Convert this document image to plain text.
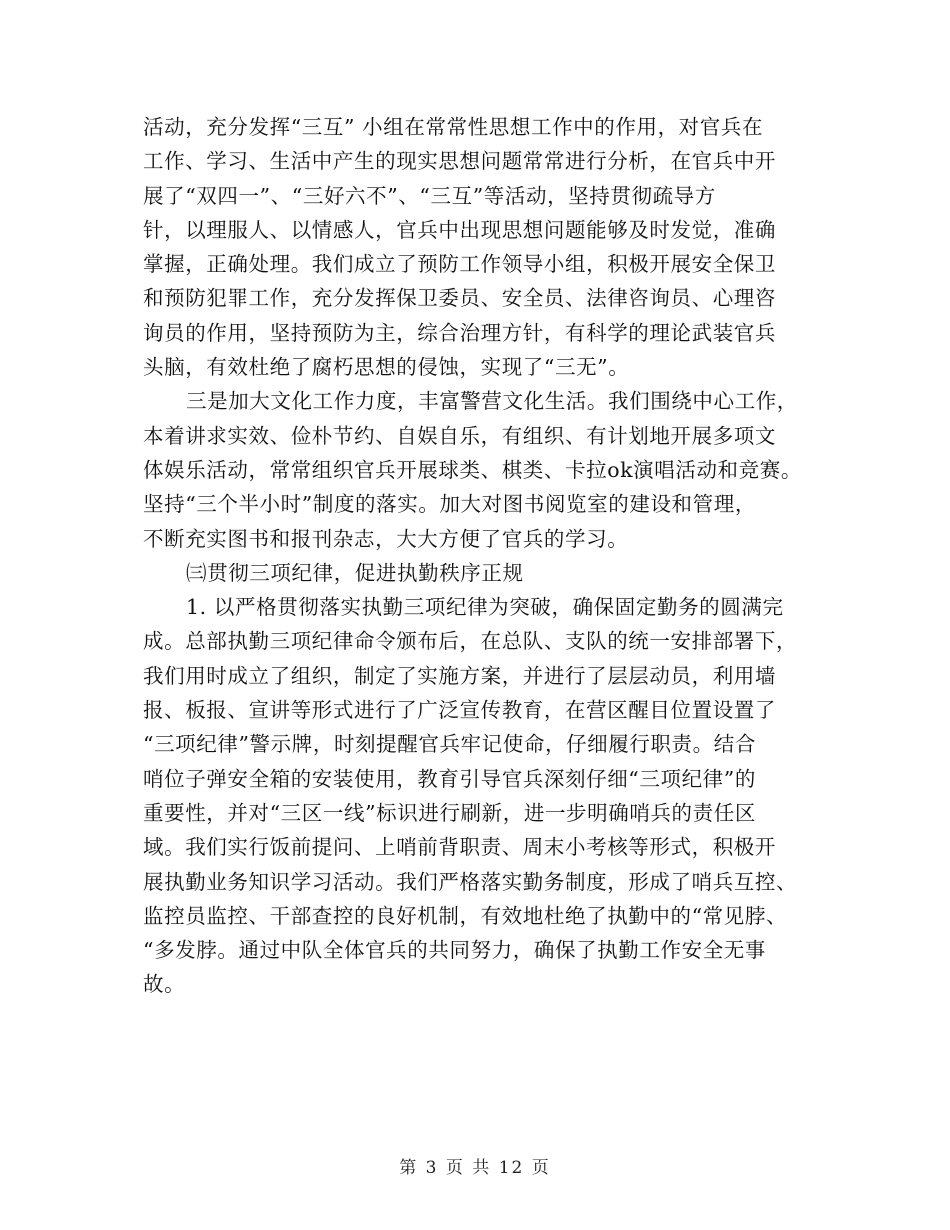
活动，充分发挥“三互” 小组在常常性思想工作中的作用，对官兵在
工作、学习、生活中产生的现实思想问题常常进行分析，在官兵中开
展了“双四一”、“三好六不”、“三互”等活动，坚持贯彻疏导方
针，以理服人、以情感人，官兵中出现思想问题能够及时发觉，准确
掌握，正确处理。我们成立了预防工作领导小组，积极开展安全保卫
和预防犯罪工作，充分发挥保卫委员、安全员、法律咨询员、心理咨
询员的作用，坚持预防为主，综合治理方针，有科学的理论武装官兵
头脑，有效杜绝了腐朽思想的侵蚀，实现了“三无”。
三是加大文化工作力度，丰富警营文化生活。我们围绕中心工作，
本着讲求实效、俭朴节约、自娱自乐，有组织、有计划地开展多项文
体娱乐活动，常常组织官兵开展球类、棋类、卡拉ok演唱活动和竞赛。
坚持“三个半小时”制度的落实。加大对图书阅览室的建设和管理，
不断充实图书和报刊杂志，大大方便了官兵的学习。
㈢贯彻三项纪律，促进执勤秩序正规
1. 以严格贯彻落实执勤三项纪律为突破，确保固定勤务的圆满完
成。总部执勤三项纪律命令颁布后，在总队、支队的统一安排部署下，
我们用时成立了组织，制定了实施方案，并进行了层层动员，利用墙
报、板报、宣讲等形式进行了广泛宣传教育，在营区醒目位置设置了
“三项纪律”警示牌，时刻提醒官兵牢记使命，仔细履行职责。结合
哨位子弹安全箱的安装使用，教育引导官兵深刻仔细“三项纪律”的
重要性，并对“三区一线”标识进行刷新，进一步明确哨兵的责任区
域。我们实行饭前提问、上哨前背职责、周末小考核等形式，积极开
展执勤业务知识学习活动。我们严格落实勤务制度，形成了哨兵互控、
监控员监控、干部查控的良好机制，有效地杜绝了执勤中的“常见脖、
“多发脖。通过中队全体官兵的共同努力，确保了执勤工作安全无事
故。
第 3 页 共 12 页
